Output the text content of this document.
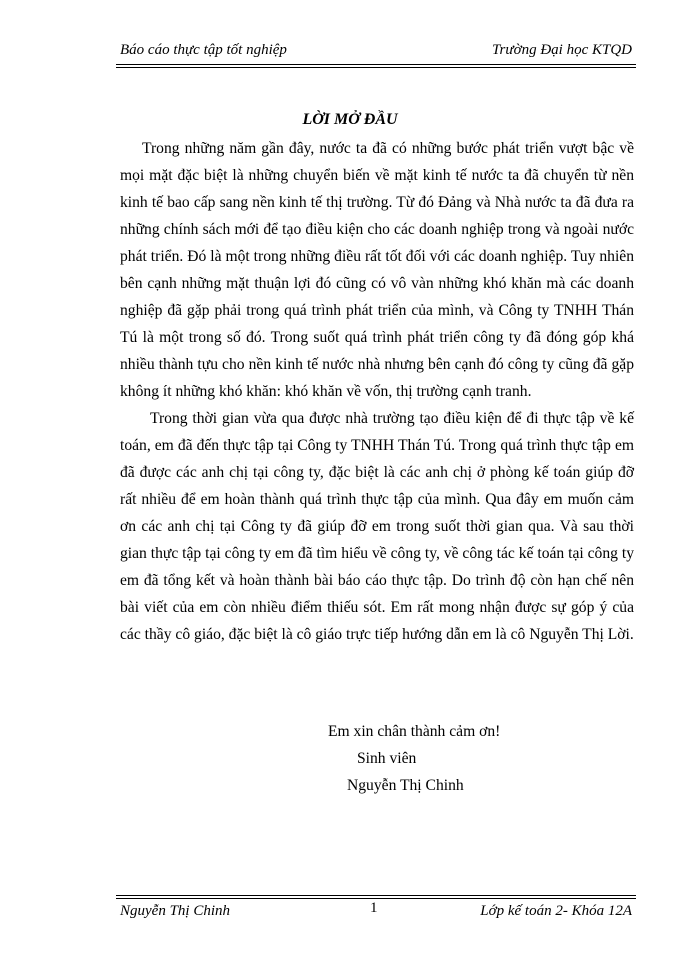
Báo cáo thực tập tốt nghiệp	Trường Đại học KTQD
LỜI MỞ ĐẦU

Trong những năm gần đây, nước ta đã có những bước phát triển vượt bậc về mọi mặt đặc biệt là những chuyển biến về mặt kinh tế nước ta đã chuyển từ nền kinh tế bao cấp sang nền kinh tế thị trường. Từ đó Đảng và Nhà nước ta đã đưa ra những chính sách mới để tạo điều kiện cho các doanh nghiệp trong và ngoài nước phát triển. Đó là một trong những điều rất tốt đối với các doanh nghiệp. Tuy nhiên bên cạnh những mặt thuận lợi đó cũng có vô vàn những khó khăn mà các doanh nghiệp đã gặp phải trong quá trình phát triển của mình, và Công ty TNHH Thán Tú là một trong số đó. Trong suốt quá trình phát triển công ty đã đóng góp khá nhiều thành tựu cho nền kinh tế nước nhà nhưng bên cạnh đó công ty cũng đã gặp không ít những khó khăn: khó khăn về vốn, thị trường cạnh tranh.

Trong thời gian vừa qua được nhà trường tạo điều kiện để đi thực tập về kế toán, em đã đến thực tập tại Công ty TNHH Thán Tú. Trong quá trình thực tập em đã được các anh chị tại công ty, đặc biệt là các anh chị ở phòng kế toán giúp đỡ rất nhiều để em hoàn thành quá trình thực tập của mình. Qua đây em muốn cảm ơn các anh chị tại Công ty đã giúp đỡ em trong suốt thời gian qua. Và sau thời gian thực tập tại công ty em đã tìm hiểu về công ty, về công tác kế toán tại công ty em đã tổng kết và hoàn thành bài báo cáo thực tập. Do trình độ còn hạn chế nên bài viết của em còn nhiều điểm thiếu sót. Em rất mong nhận được sự góp ý của các thầy cô giáo, đặc biệt là cô giáo trực tiếp hướng dẫn em là cô Nguyễn Thị Lời.

Em xin chân thành cảm ơn!
Sinh viên
Nguyễn Thị Chinh
Nguyễn Thị Chinh	1	Lớp kế toán 2- Khóa 12A
